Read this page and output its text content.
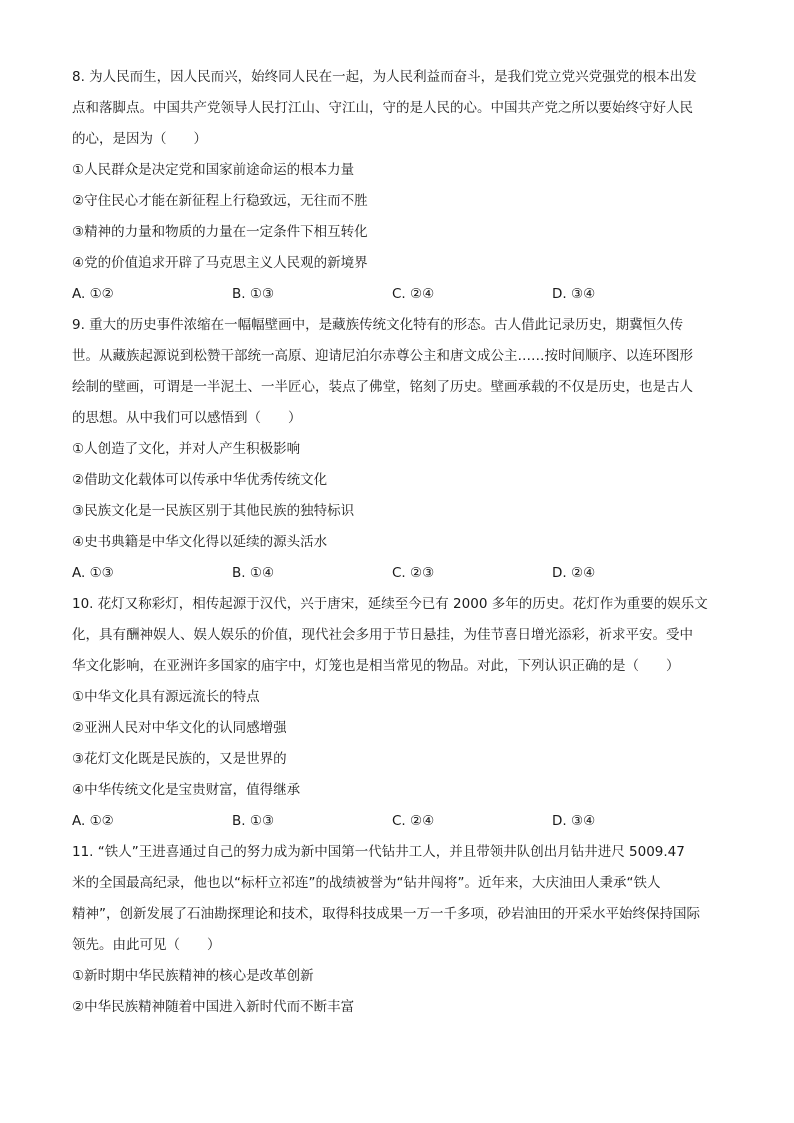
8. 为人民而生，因人民而兴，始终同人民在一起，为人民利益而奋斗，是我们党立党兴党强党的根本出发
点和落脚点。中国共产党领导人民打江山、守江山，守的是人民的心。中国共产党之所以要始终守好人民
的心，是因为（　　）
①人民群众是决定党和国家前途命运的根本力量
②守住民心才能在新征程上行稳致远，无往而不胜
③精神的力量和物质的力量在一定条件下相互转化
④党的价值追求开辟了马克思主义人民观的新境界
A. ①②	B. ①③	C. ②④	D. ③④
9. 重大的历史事件浓缩在一幅幅壁画中，是藏族传统文化特有的形态。古人借此记录历史，期冀恒久传
世。从藏族起源说到松赞干部统一高原、迎请尼泊尔赤尊公主和唐文成公主……按时间顺序、以连环图形
绘制的壁画，可谓是一半泥土、一半匠心，装点了佛堂，铭刻了历史。壁画承载的不仅是历史，也是古人
的思想。从中我们可以感悟到（　　）
①人创造了文化，并对人产生积极影响
②借助文化载体可以传承中华优秀传统文化
③民族文化是一民族区别于其他民族的独特标识
④史书典籍是中华文化得以延续的源头活水
A. ①③	B. ①④	C. ②③	D. ②④
10. 花灯又称彩灯，相传起源于汉代，兴于唐宋，延续至今已有 2000 多年的历史。花灯作为重要的娱乐文
化，具有酬神娱人、娱人娱乐的价值，现代社会多用于节日悬挂，为佳节喜日增光添彩，祈求平安。受中
华文化影响，在亚洲许多国家的庙宇中，灯笼也是相当常见的物品。对此，下列认识正确的是（　　）
①中华文化具有源远流长的特点
②亚洲人民对中华文化的认同感增强
③花灯文化既是民族的，又是世界的
④中华传统文化是宝贵财富，值得继承
A. ①②	B. ①③	C. ②④	D. ③④
11. “铁人”王进喜通过自己的努力成为新中国第一代钻井工人，并且带领井队创出月钻井进尺 5009.47
米的全国最高纪录，他也以“标杆立祁连”的战绩被誉为“钻井闯将”。近年来，大庆油田人秉承“铁人
精神”，创新发展了石油勘探理论和技术，取得科技成果一万一千多项，砂岩油田的开采水平始终保持国际
领先。由此可见（　　）
①新时期中华民族精神的核心是改革创新
②中华民族精神随着中国进入新时代而不断丰富
